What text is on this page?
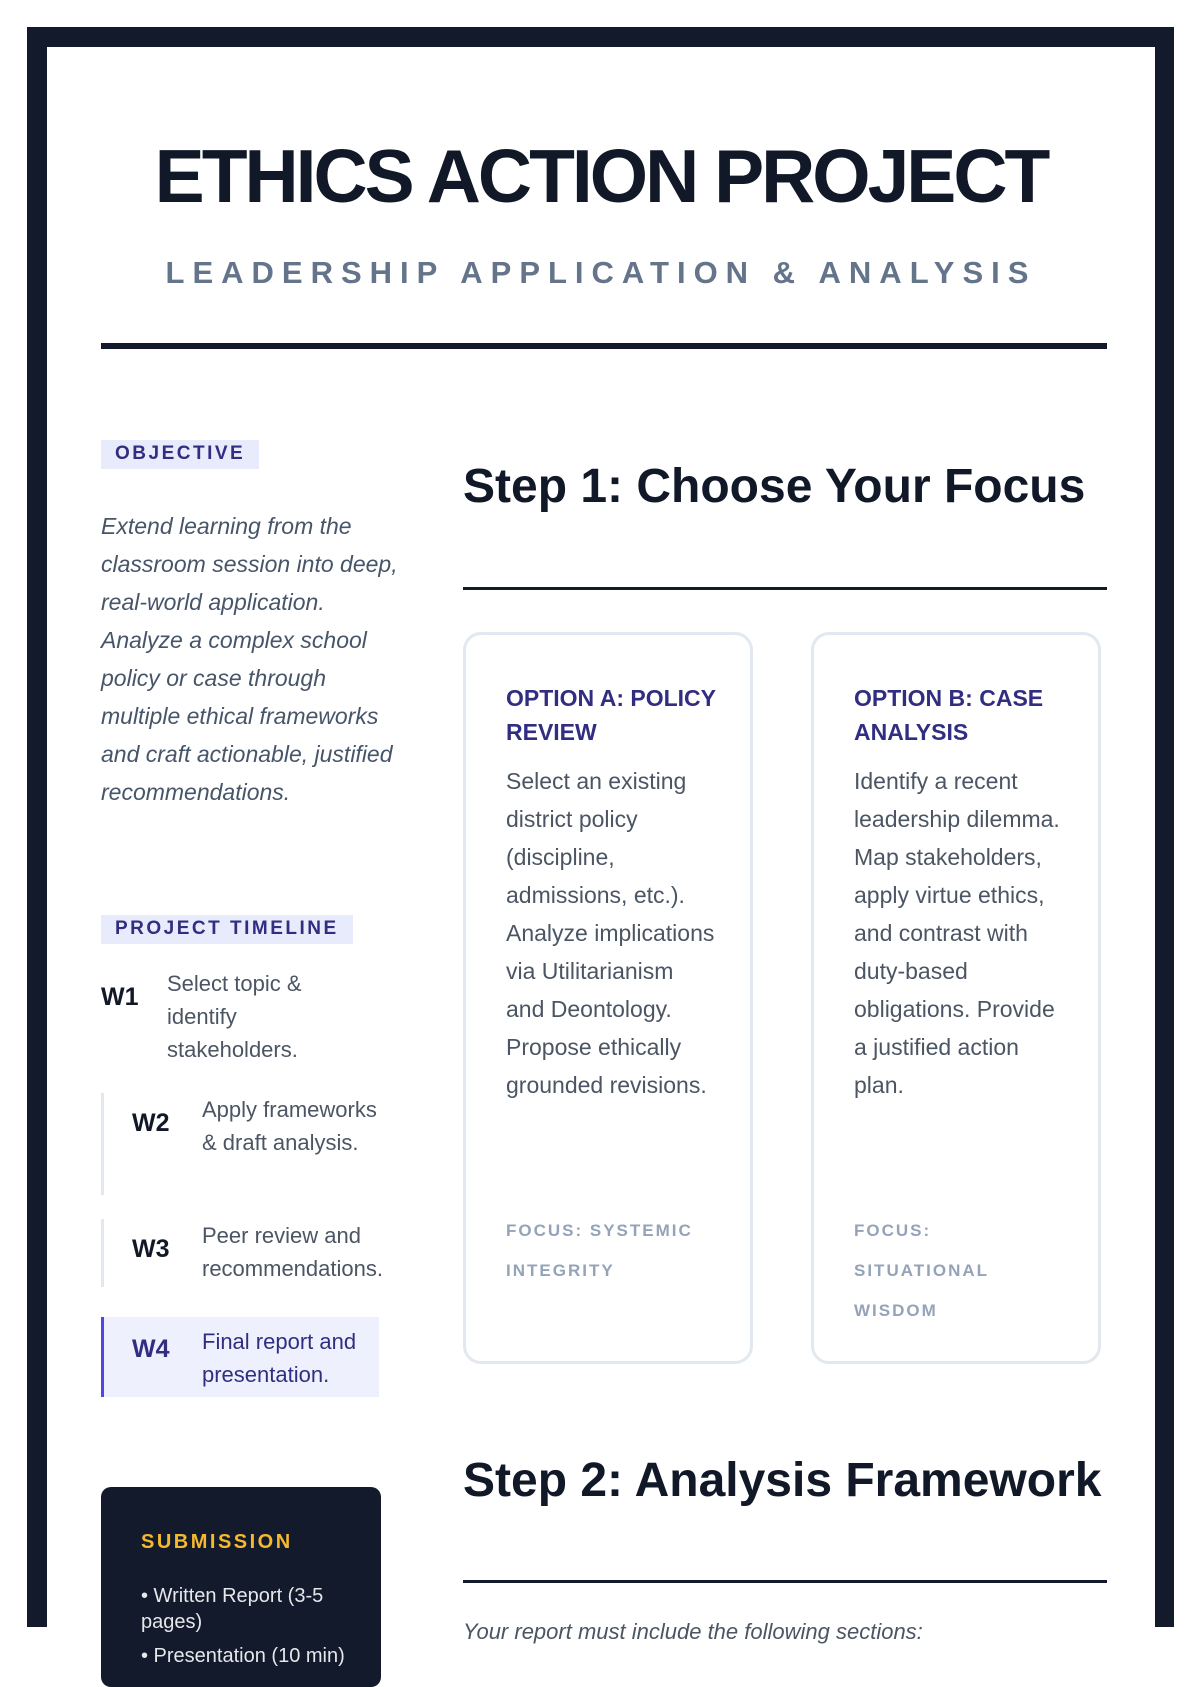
ETHICS ACTION PROJECT
LEADERSHIP APPLICATION & ANALYSIS
OBJECTIVE
Extend learning from the classroom session into deep, real-world application. Analyze a complex school policy or case through multiple ethical frameworks and craft actionable, justified recommendations.
PROJECT TIMELINE
W1 Select topic & identify stakeholders.
W2 Apply frameworks & draft analysis.
W3 Peer review and recommendations.
W4 Final report and presentation.
SUBMISSION
• Written Report (3-5 pages)
• Presentation (10 min)
Step 1: Choose Your Focus
OPTION A: POLICY REVIEW
Select an existing district policy (discipline, admissions, etc.). Analyze implications via Utilitarianism and Deontology. Propose ethically grounded revisions.
FOCUS: SYSTEMIC INTEGRITY
OPTION B: CASE ANALYSIS
Identify a recent leadership dilemma. Map stakeholders, apply virtue ethics, and contrast with duty-based obligations. Provide a justified action plan.
FOCUS: SITUATIONAL WISDOM
Step 2: Analysis Framework
Your report must include the following sections:
